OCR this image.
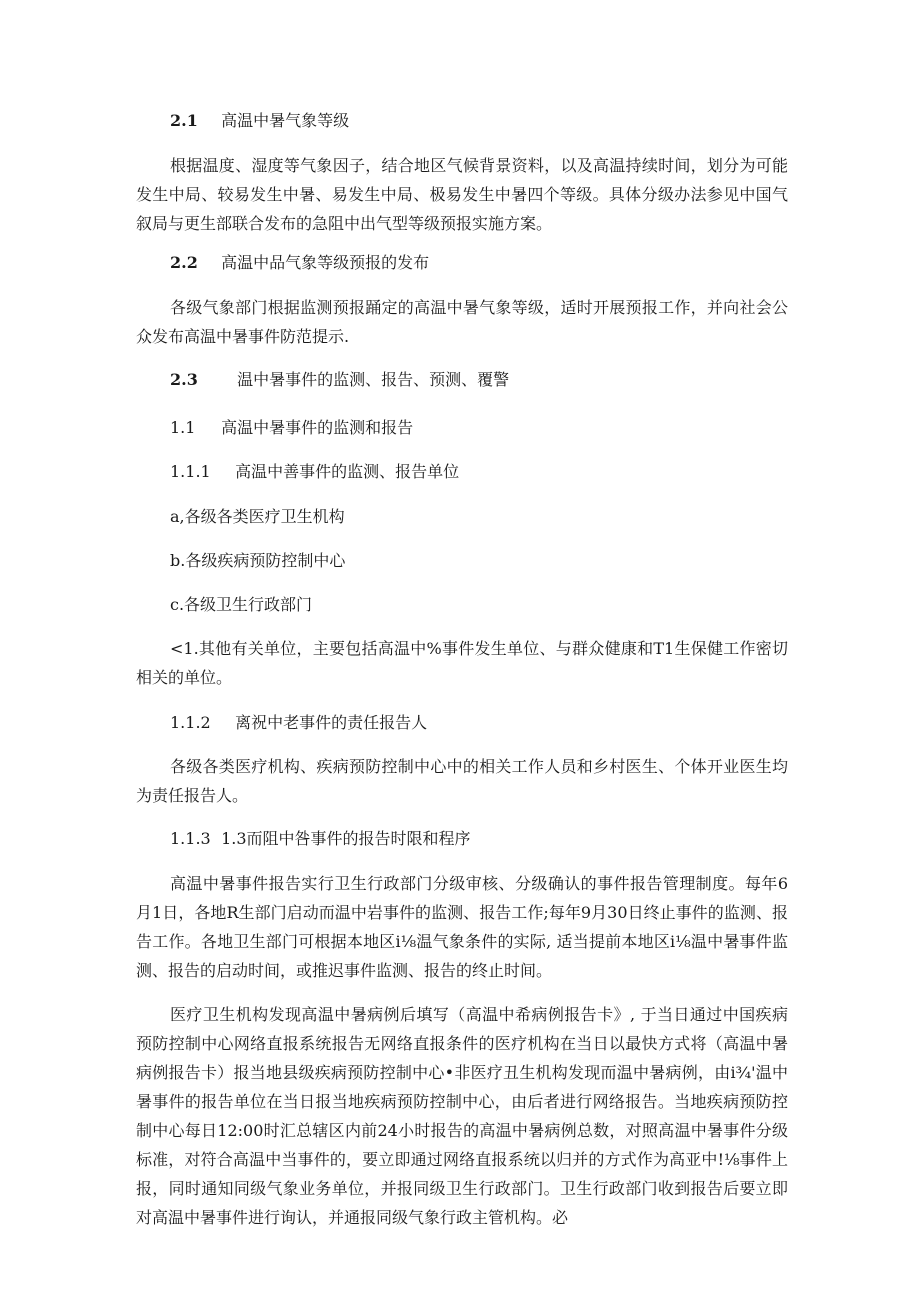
2.1 高温中暑气象等级
根据温度、湿度等气象因子，结合地区气候背景资料，以及高温持续时间，划分为可能发生中局、较易发生中暑、易发生中局、极易发生中暑四个等级。具体分级办法参见中国气叙局与更生部联合发布的急阻中出气型等级预报实施方案。
2.2 高温中品气象等级预报的发布
各级气象部门根据监测预报踊定的高温中暑气象等级，适时开展预报工作，并向社会公众发布高温中暑事件防范提示.
2.3 温中暑事件的监测、报告、预测、覆警
1.1 高温中暑事件的监测和报告
1.1.1 高温中善事件的监测、报告单位
a,各级各类医疗卫生机构
b.各级疾病预防控制中心
c.各级卫生行政部门
<1.其他有关单位，主要包括高温中%事件发生单位、与群众健康和T1生保健工作密切相关的单位。
1.1.2 离祝中老事件的责任报告人
各级各类医疗机构、疾病预防控制中心中的相关工作人员和乡村医生、个体开业医生均为责任报告人。
1.1.3 1.3而阻中咎事件的报告时限和程序
高温中暑事件报告实行卫生行政部门分级审核、分级确认的事件报告管理制度。每年6月1日，各地R生部门启动而温中岩事件的监测、报告工作;每年9月30日终止事件的监测、报告工作。各地卫生部门可根据本地区i⅛温气象条件的实际, 适当提前本地区i⅛温中暑事件监测、报告的启动时间，或推迟事件监测、报告的终止时间。
医疗卫生机构发现高温中暑病例后填写（高温中希病例报告卡》, 于当日通过中国疾病预防控制中心网络直报系统报告无网络直报条件的医疗机构在当日以最快方式将（高温中暑病例报告卡）报当地县级疾病预防控制中心•非医疗丑生机构发现而温中暑病例，由i¾'温中暑事件的报告单位在当日报当地疾病预防控制中心，由后者进行网络报告。当地疾病预防控制中心每日12:00时汇总辖区内前24小时报告的高温中暑病例总数，对照高温中暑事件分级标准，对符合高温中当事件的，要立即通过网络直报系统以归并的方式作为高亚中!⅛事件上报，同时通知同级气象业务单位，并报同级卫生行政部门。卫生行政部门收到报告后要立即对高温中暑事件进行询认，并通报同级气象行政主管机构。必
